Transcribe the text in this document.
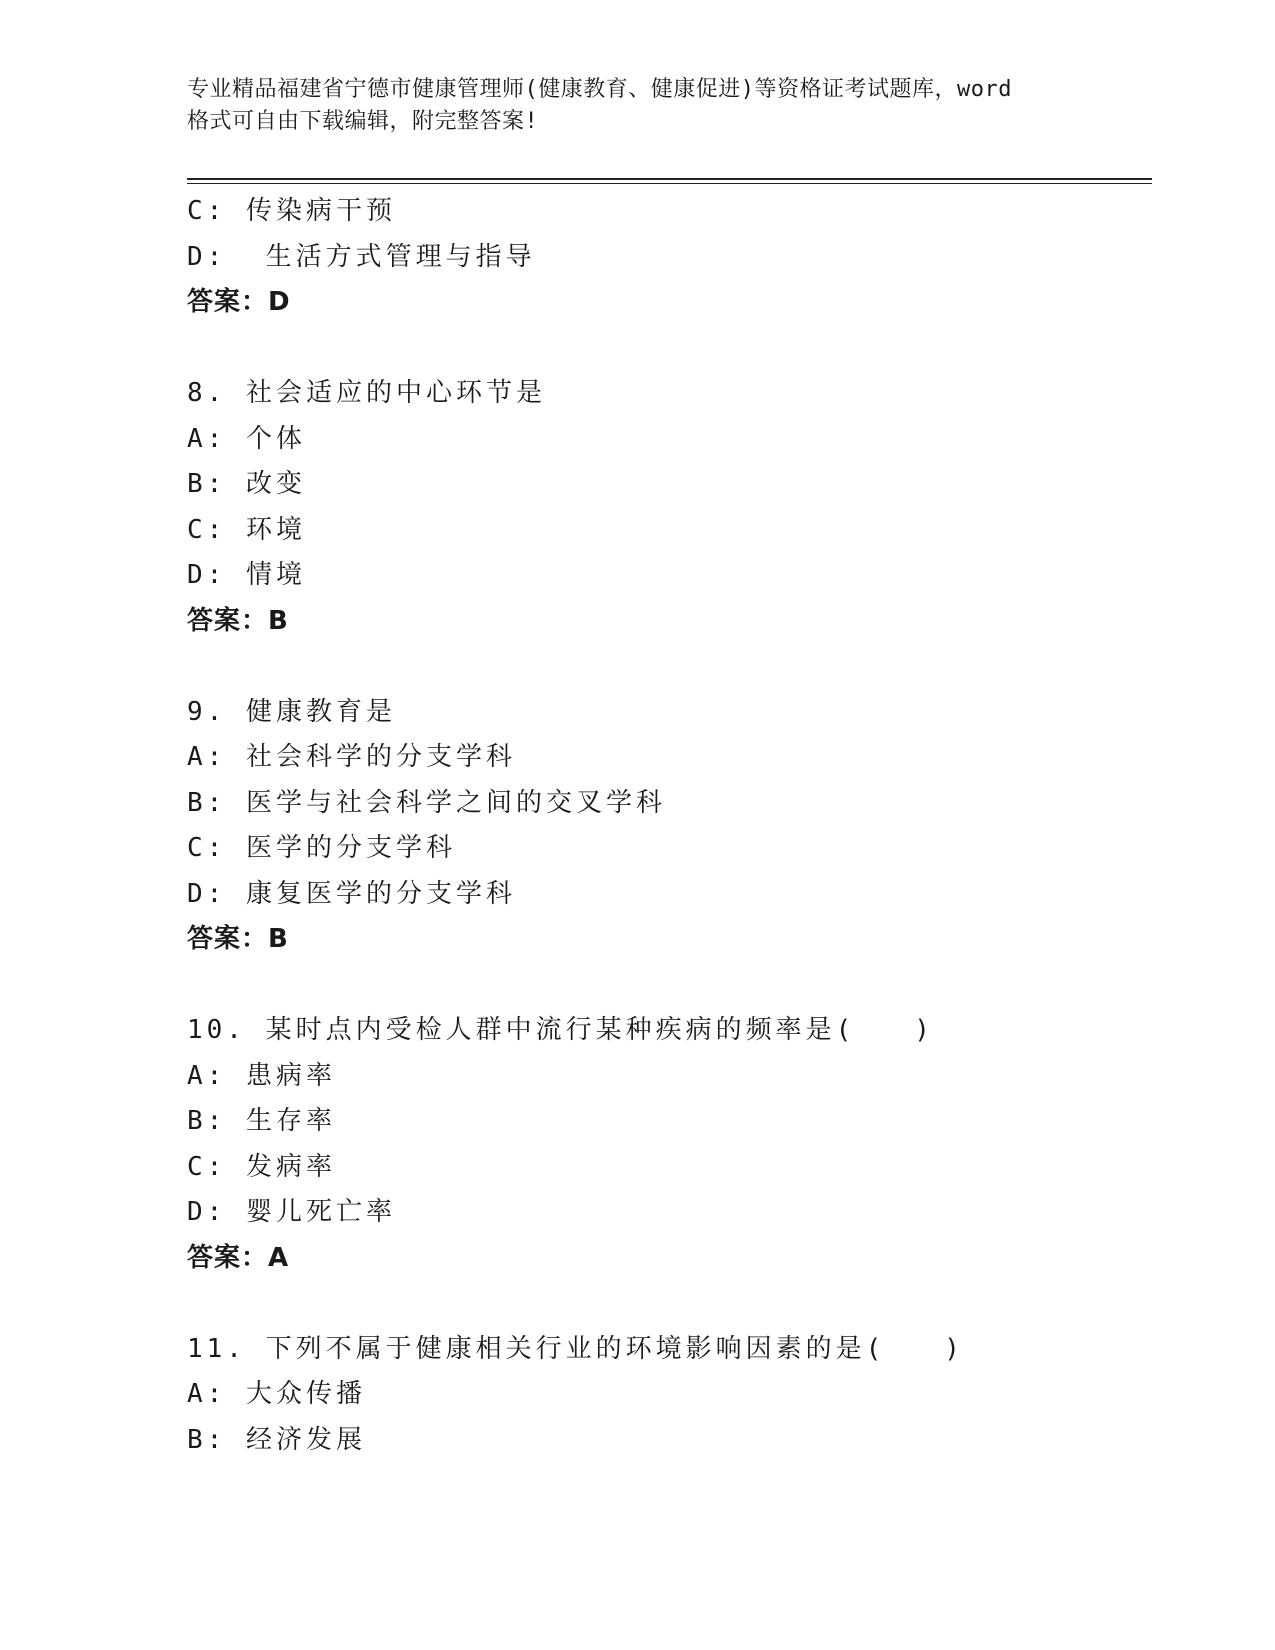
专业精品福建省宁德市健康管理师(健康教育、健康促进)等资格证考试题库，word
格式可自由下载编辑，附完整答案!
C: 传染病干预
D:  生活方式管理与指导
答案：D
8. 社会适应的中心环节是
A: 个体
B: 改变
C: 环境
D: 情境
答案：B
9. 健康教育是
A: 社会科学的分支学科
B: 医学与社会科学之间的交叉学科
C: 医学的分支学科
D: 康复医学的分支学科
答案：B
10. 某时点内受检人群中流行某种疾病的频率是(   )
A: 患病率
B: 生存率
C: 发病率
D: 婴儿死亡率
答案：A
11. 下列不属于健康相关行业的环境影响因素的是(   )
A: 大众传播
B: 经济发展
